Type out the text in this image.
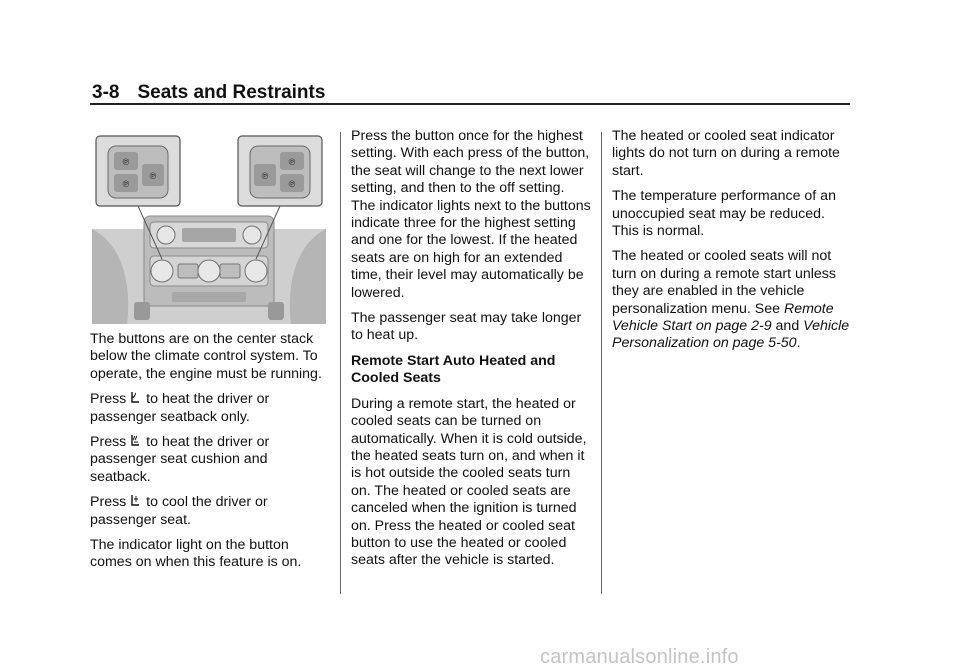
3-8 Seats and Restraints
℗
℗
℗
℗
℗
℗

The buttons are on the center stack below the climate control system. To operate, the engine must be running.

Press to heat the driver or passenger seatback only.

Press to heat the driver or passenger seat cushion and seatback.

Press to cool the driver or passenger seat.

The indicator light on the button comes on when this feature is on.

Press the button once for the highest setting. With each press of the button, the seat will change to the next lower setting, and then to the off setting. The indicator lights next to the buttons indicate three for the highest setting and one for the lowest. If the heated seats are on high for an extended time, their level may automatically be lowered.

The passenger seat may take longer to heat up.

Remote Start Auto Heated and Cooled Seats

During a remote start, the heated or cooled seats can be turned on automatically. When it is cold outside, the heated seats turn on, and when it is hot outside the cooled seats turn on. The heated or cooled seats are canceled when the ignition is turned on. Press the heated or cooled seat button to use the heated or cooled seats after the vehicle is started.

The heated or cooled seat indicator lights do not turn on during a remote start.

The temperature performance of an unoccupied seat may be reduced. This is normal.

The heated or cooled seats will not turn on during a remote start unless they are enabled in the vehicle personalization menu. See Remote Vehicle Start on page 2-9 and Vehicle Personalization on page 5-50.

carmanualsonline.info
